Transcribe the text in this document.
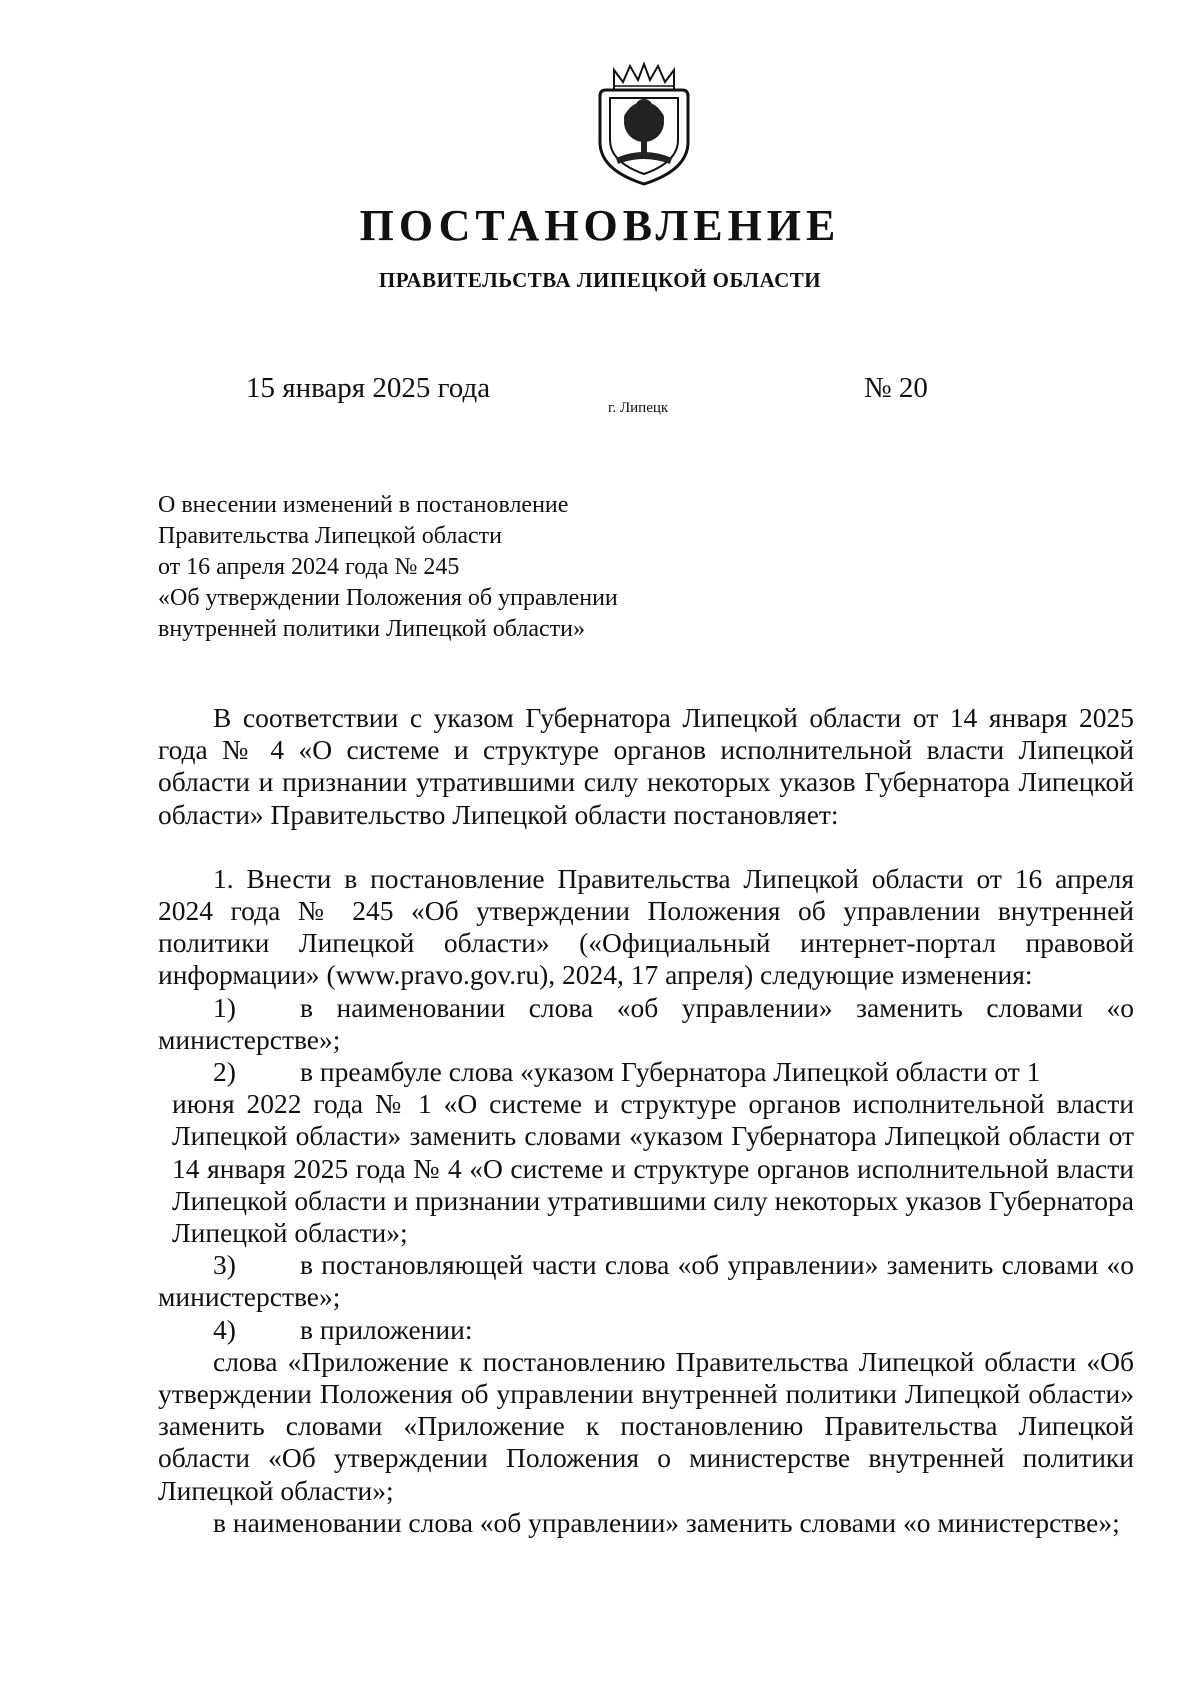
ПОСТАНОВЛЕНИЕ
ПРАВИТЕЛЬСТВА ЛИПЕЦКОЙ ОБЛАСТИ
15 января 2025 года
г. Липецк
№ 20
О внесении изменений в постановление
Правительства Липецкой области
от 16 апреля 2024 года № 245
«Об утверждении Положения об управлении
внутренней политики Липецкой области»

В соответствии с указом Губернатора Липецкой области от 14 января 2025 года № 4 «О системе и структуре органов исполнительной власти Липецкой области и признании утратившими силу некоторых указов Губернатора Липецкой области» Правительство Липецкой области постановляет:

1. Внести в постановление Правительства Липецкой области от 16 апреля 2024 года № 245 «Об утверждении Положения об управлении внутренней политики Липецкой области» («Официальный интернет-портал правовой информации» (www.pravo.gov.ru), 2024, 17 апреля) следующие изменения:

1) в наименовании слова «об управлении» заменить словами «о министерстве»;

2)	в преамбуле слова «указом Губернатора Липецкой области от 1
июня 2022 года № 1 «О системе и структуре органов исполнительной власти Липецкой области» заменить словами «указом Губернатора Липецкой области от 14 января 2025 года № 4 «О системе и структуре органов исполнительной власти Липецкой области и признании утратившими силу некоторых указов Губернатора Липецкой области»;

3) в постановляющей части слова «об управлении» заменить словами «о министерстве»;

4) в приложении:

слова «Приложение к постановлению Правительства Липецкой области «Об утверждении Положения об управлении внутренней политики Липецкой области» заменить словами «Приложение к постановлению Правительства Липецкой области «Об утверждении Положения о министерстве внутренней политики Липецкой области»;

в наименовании слова «об управлении» заменить словами «о министерстве»;
